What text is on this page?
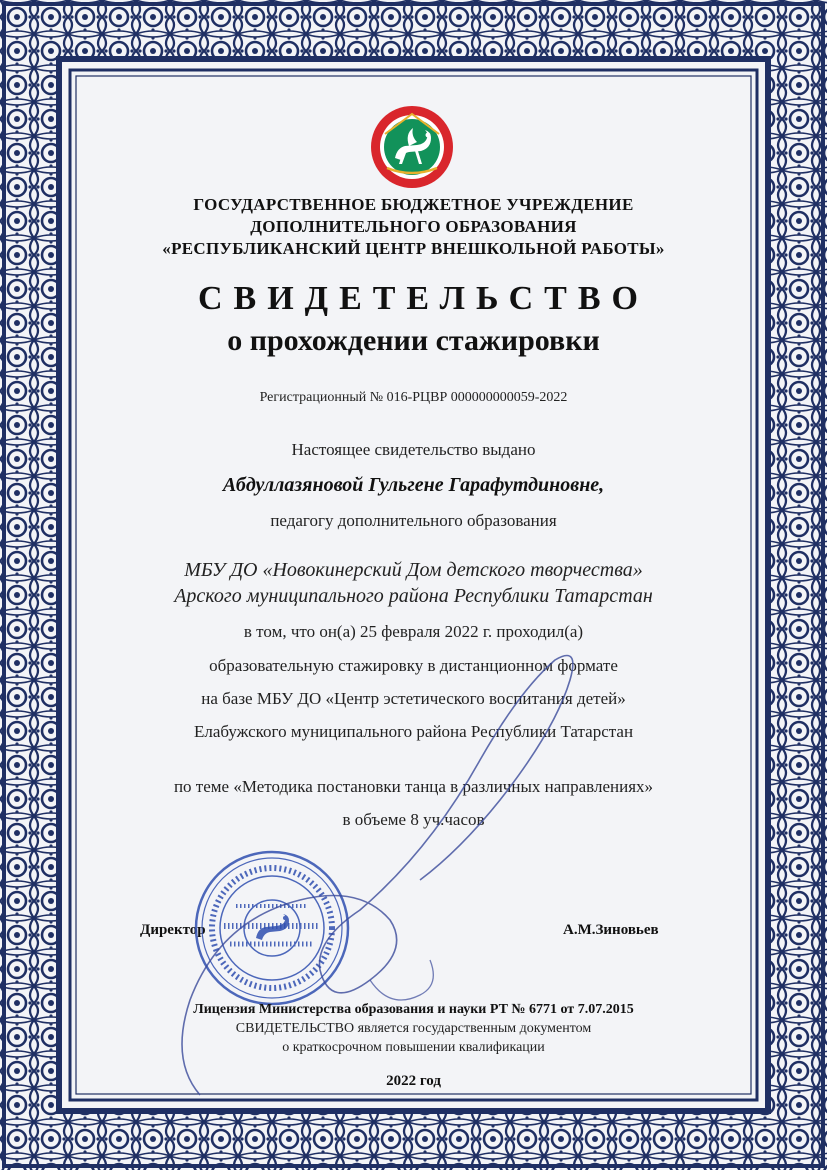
ГОСУДАРСТВЕННОЕ БЮДЖЕТНОЕ УЧРЕЖДЕНИЕ
ДОПОЛНИТЕЛЬНОГО ОБРАЗОВАНИЯ
«РЕСПУБЛИКАНСКИЙ ЦЕНТР ВНЕШКОЛЬНОЙ РАБОТЫ»
СВИДЕТЕЛЬСТВО
о прохождении стажировки
Регистрационный № 016-РЦВР 000000000059-2022
Настоящее свидетельство выдано
Абдуллазяновой Гульгене Гарафутдиновне,
педагогу дополнительного образования
МБУ ДО «Новокинерский Дом детского творчества»
Арского муниципального района Республики Татарстан
в том, что он(а) 25 февраля 2022 г. проходил(а)
образовательную стажировку в дистанционном формате
на базе МБУ ДО «Центр эстетического воспитания детей»
Елабужского муниципального района Республики Татарстан
по теме «Методика постановки танца в различных направлениях»
в объеме 8 уч.часов
Директор	А.М.Зиновьев
Лицензия Министерства образования и науки РТ № 6771 от 7.07.2015
СВИДЕТЕЛЬСТВО является государственным документом
о краткосрочном повышении квалификации
2022 год
